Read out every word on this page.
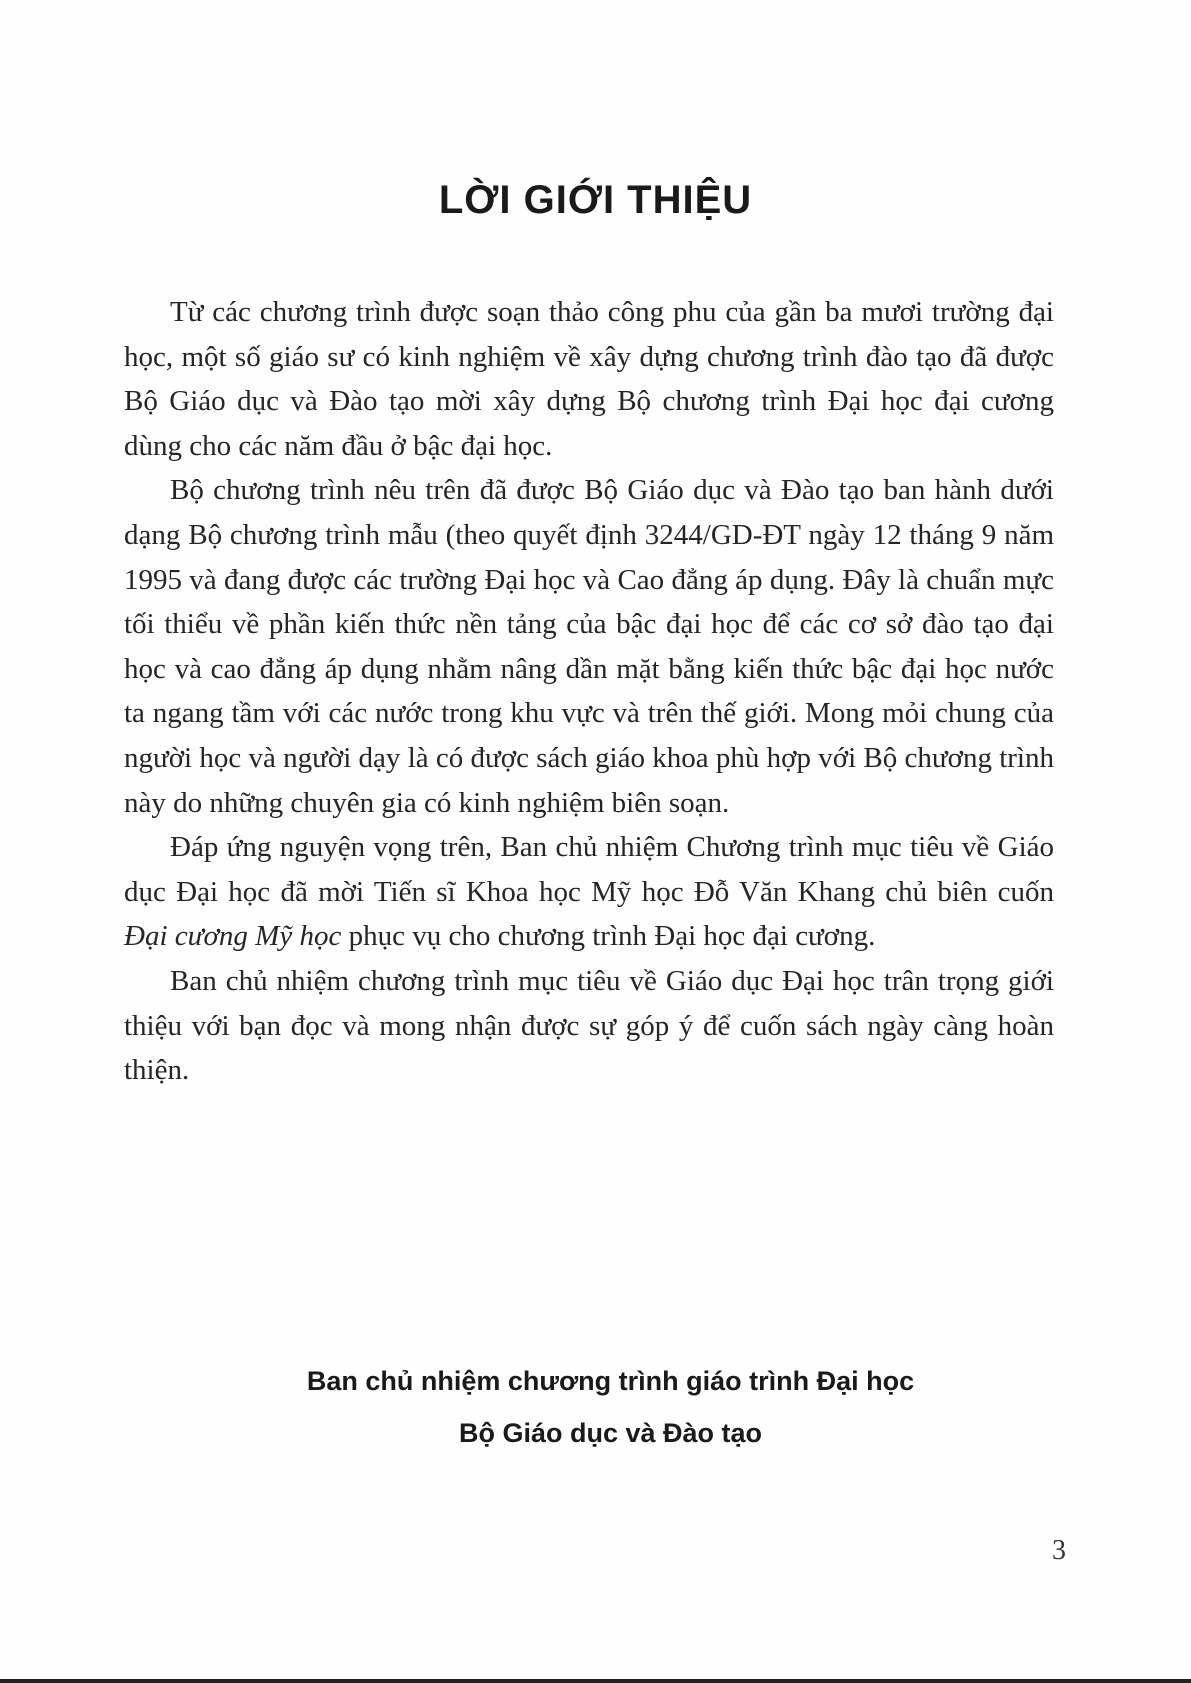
LỜI GIỚI THIỆU

Từ các chương trình được soạn thảo công phu của gần ba mươi trường đại học, một số giáo sư có kinh nghiệm về xây dựng chương trình đào tạo đã được Bộ Giáo dục và Đào tạo mời xây dựng Bộ chương trình Đại học đại cương dùng cho các năm đầu ở bậc đại học.

Bộ chương trình nêu trên đã được Bộ Giáo dục và Đào tạo ban hành dưới dạng Bộ chương trình mẫu (theo quyết định 3244/GD-ĐT ngày 12 tháng 9 năm 1995 và đang được các trường Đại học và Cao đẳng áp dụng. Đây là chuẩn mực tối thiểu về phần kiến thức nền tảng của bậc đại học để các cơ sở đào tạo đại học và cao đẳng áp dụng nhằm nâng dần mặt bằng kiến thức bậc đại học nước ta ngang tầm với các nước trong khu vực và trên thế giới. Mong mỏi chung của người học và người dạy là có được sách giáo khoa phù hợp với Bộ chương trình này do những chuyên gia có kinh nghiệm biên soạn.

Đáp ứng nguyện vọng trên, Ban chủ nhiệm Chương trình mục tiêu về Giáo dục Đại học đã mời Tiến sĩ Khoa học Mỹ học Đỗ Văn Khang chủ biên cuốn Đại cương Mỹ học phục vụ cho chương trình Đại học đại cương.

Ban chủ nhiệm chương trình mục tiêu về Giáo dục Đại học trân trọng giới thiệu với bạn đọc và mong nhận được sự góp ý để cuốn sách ngày càng hoàn thiện.

Ban chủ nhiệm chương trình giáo trình Đại học
Bộ Giáo dục và Đào tạo
3
